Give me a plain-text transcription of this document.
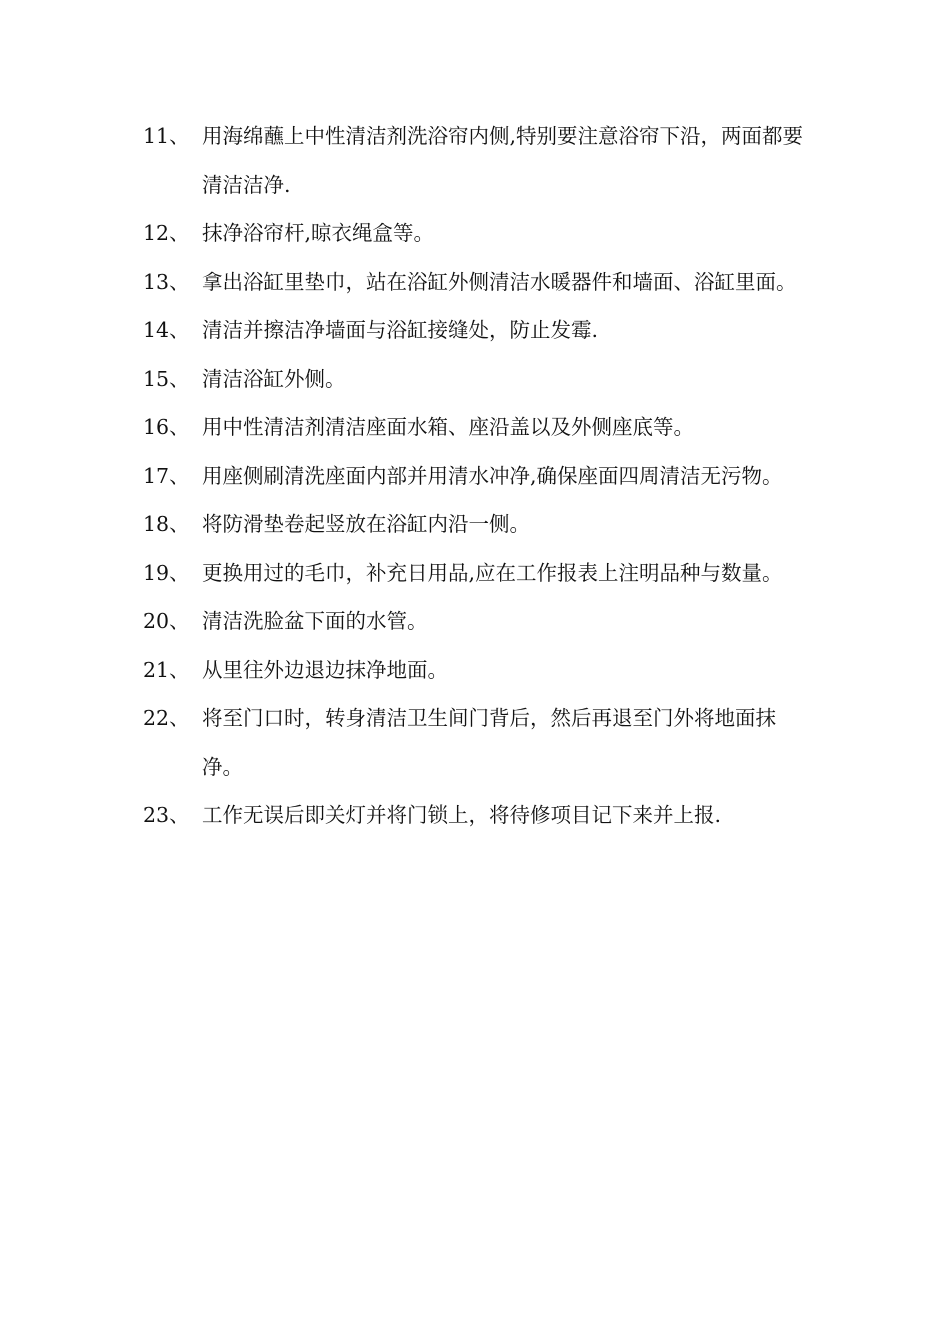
11、 用海绵蘸上中性清洁剂洗浴帘内侧,特别要注意浴帘下沿，两面都要清洁洁净.
12、 抹净浴帘杆,晾衣绳盒等。
13、 拿出浴缸里垫巾，站在浴缸外侧清洁水暖器件和墙面、浴缸里面。
14、 清洁并擦洁净墙面与浴缸接缝处，防止发霉.
15、 清洁浴缸外侧。
16、 用中性清洁剂清洁座面水箱、座沿盖以及外侧座底等。
17、 用座侧刷清洗座面内部并用清水冲净,确保座面四周清洁无污物。
18、 将防滑垫卷起竖放在浴缸内沿一侧。
19、 更换用过的毛巾，补充日用品,应在工作报表上注明品种与数量。
20、 清洁洗脸盆下面的水管。
21、 从里往外边退边抹净地面。
22、 将至门口时，转身清洁卫生间门背后，然后再退至门外将地面抹净。
23、 工作无误后即关灯并将门锁上，将待修项目记下来并上报.
